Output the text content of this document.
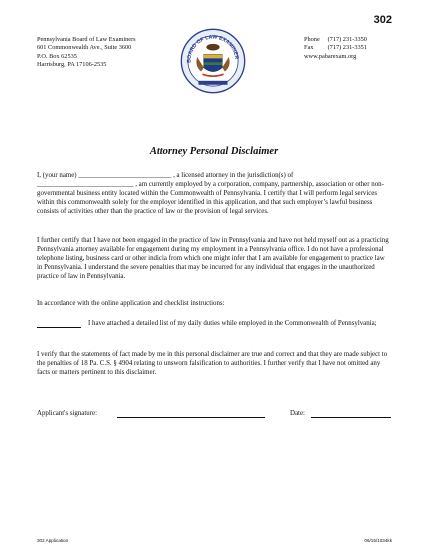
302
Pennsylvania Board of Law Examiners
601 Commonwealth Ave., Suite 3600
P.O. Box 62535
Harrisburg, PA 17106-2535
BOARD OF LAW EXAMINER
Phone (717) 231-3350
Fax (717) 231-3351
www.pabarexam.org
Attorney Personal Disclaimer
I, (your name) ___________________________ , a licensed attorney in the jurisdiction(s) of ____________________________ , am currently employed by a corporation, company, partnership, association or other non-governmental business entity located within the Commonwealth of Pennsylvania. I certify that I will perform legal services within this commonwealth solely for the employer identified in this application, and that such employer’s lawful business consists of activities other than the practice of law or the provision of legal services.
I further certify that I have not been engaged in the practice of law in Pennsylvania and have not held myself out as a practicing Pennsylvania attorney available for engagement during my employment in a Pennsylvania office. I do not have a professional telephone listing, business card or other indicia from which one might infer that I am available for engagement to practice law in Pennsylvania. I understand the severe penalties that may be incurred for any individual that engages in the unauthorized practice of law in Pennsylvania.
In accordance with the online application and checklist instructions:
I have attached a detailed list of my daily duties while employed in the Commonwealth of Pennsylvania;
I verify that the statements of fact made by me in this personal disclaimer are true and correct and that they are made subject to the penalties of 18 Pa. C.S. § 4904 relating to unsworn falsification to authorities. I further verify that I have not omitted any facts or matters pertinent to this disclaimer.
Applicant's signature:	Date:
302 Application	06/15/1034kk
